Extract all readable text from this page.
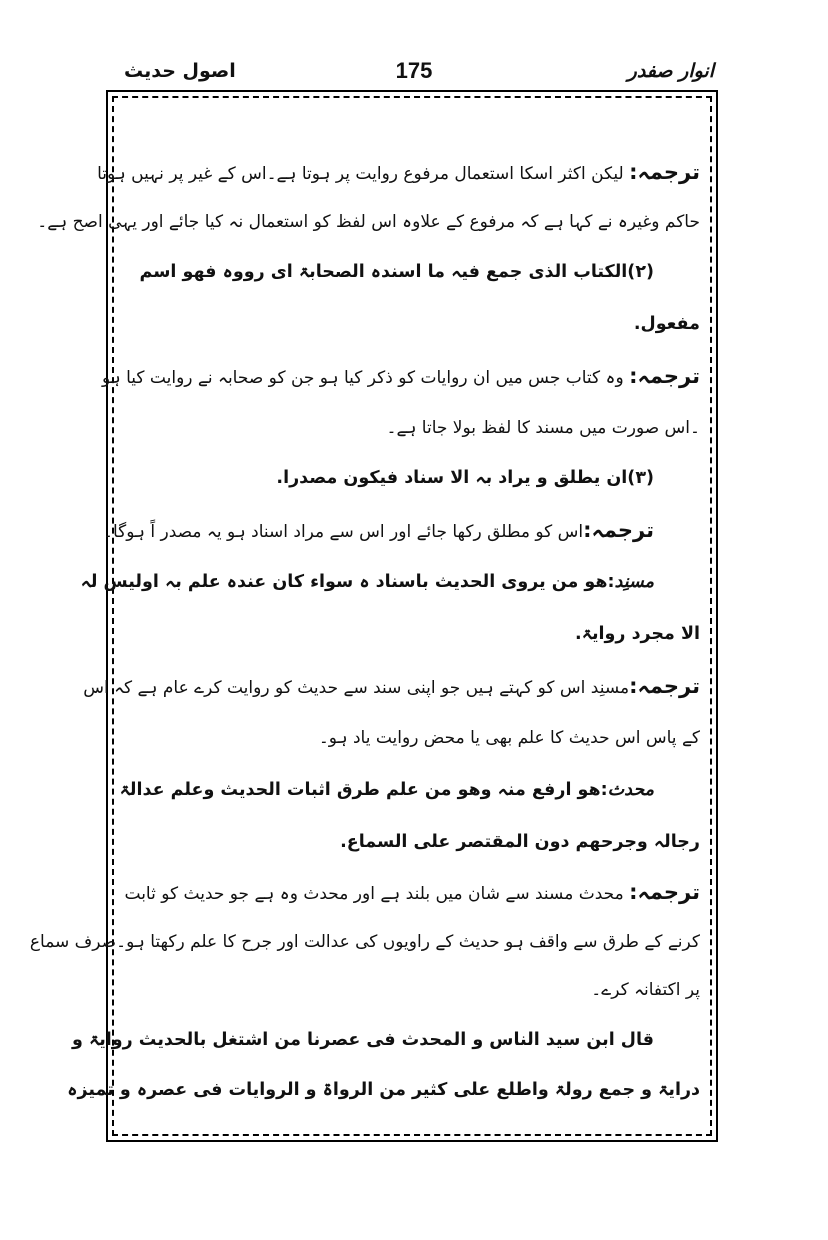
اصول حدیث	175	انوار صفدر
ترجمہ: لیکن اکثر اسکا استعمال مرفوع روایت پر ہوتا ہے۔اس کے غیر پر نہیں ہوتا
حاکم وغیرہ نے کہا ہے کہ مرفوع کے علاوہ اس لفظ کو استعمال نہ کیا جائے اور یہی اصح ہے۔
(۲)الکتاب الذی جمع فیہ ما اسندہ الصحابۃ ای رووہ فھو اسم
مفعول.
ترجمہ: وہ کتاب جس میں ان روایات کو ذکر کیا ہو جن کو صحابہ نے روایت کیا ہو
۔اس صورت میں مسند کا لفظ بولا جاتا ہے۔
(۳)ان یطلق و یراد بہ الا سناد فیکون مصدرا.
ترجمہ:اس کو مطلق رکھا جائے اور اس سے مراد اسناد ہو یہ مصدر اً ہوگا۔
مسنِد:ھو من یروی الحدیث باسناد ہ سواء کان عندہ علم بہ اولیس لہ
الا مجرد روایۃ.
ترجمہ:مسنِد اس کو کہتے ہیں جو اپنی سند سے حدیث کو روایت کرے عام ہے کہ اس
کے پاس اس حدیث کا علم بھی یا محض روایت یاد ہو۔
محدث:ھو ارفع منہ وھو من علم طرق اثبات الحدیث وعلم عدالۃ
رجالہ وجرحھم دون المقتصر علی السماع.
ترجمہ: محدث مسند سے شان میں بلند ہے اور محدث وہ ہے جو حدیث کو ثابت
کرنے کے طرق سے واقف ہو حدیث کے راویوں کی عدالت اور جرح کا علم رکھتا ہو۔صرف سماع
پر اکتفانہ کرے۔
قال ابن سید الناس و المحدث فی عصرنا من اشتغل بالحدیث روایۃ و
درایۃ و جمع رولۃ واطلع علی کثیر من الرواۃ و الروایات فی عصرہ و تمیزہ
